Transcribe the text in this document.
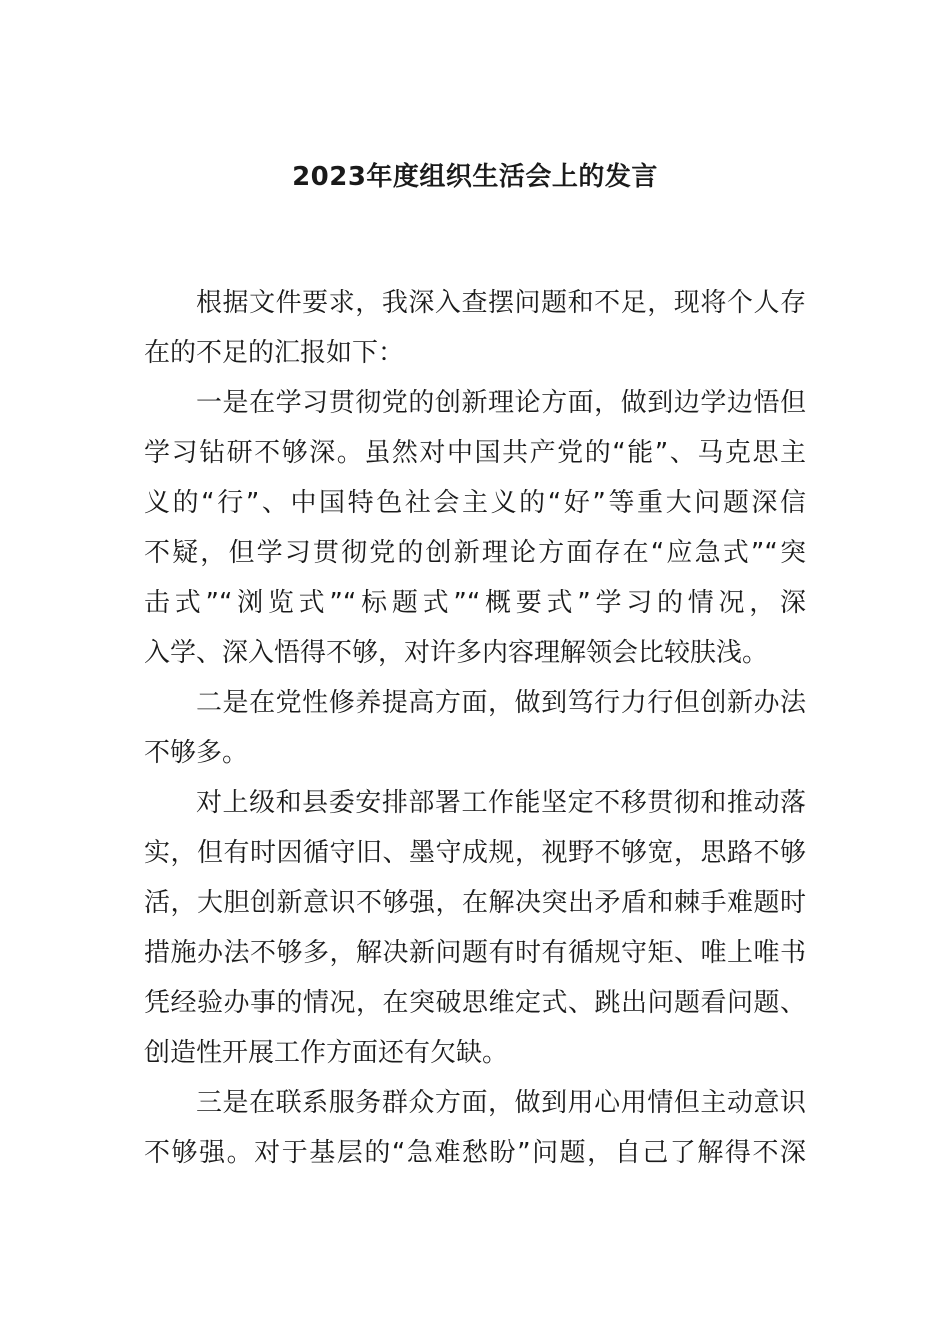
2023年度组织生活会上的发言
根据文件要求，我深入查摆问题和不足，现将个人存
在的不足的汇报如下：
一是在学习贯彻党的创新理论方面，做到边学边悟但
学习钻研不够深。虽然对中国共产党的“能”、马克思主
义的“行”、中国特色社会主义的“好”等重大问题深信
不疑，但学习贯彻党的创新理论方面存在“应急式”“突
击式”“浏览式”“标题式”“概要式”学习的情况，深
入学、深入悟得不够，对许多内容理解领会比较肤浅。
二是在党性修养提高方面，做到笃行力行但创新办法
不够多。
对上级和县委安排部署工作能坚定不移贯彻和推动落
实，但有时因循守旧、墨守成规，视野不够宽，思路不够
活，大胆创新意识不够强，在解决突出矛盾和棘手难题时
措施办法不够多，解决新问题有时有循规守矩、唯上唯书
凭经验办事的情况，在突破思维定式、跳出问题看问题、
创造性开展工作方面还有欠缺。
三是在联系服务群众方面，做到用心用情但主动意识
不够强。对于基层的“急难愁盼”问题，自己了解得不深
